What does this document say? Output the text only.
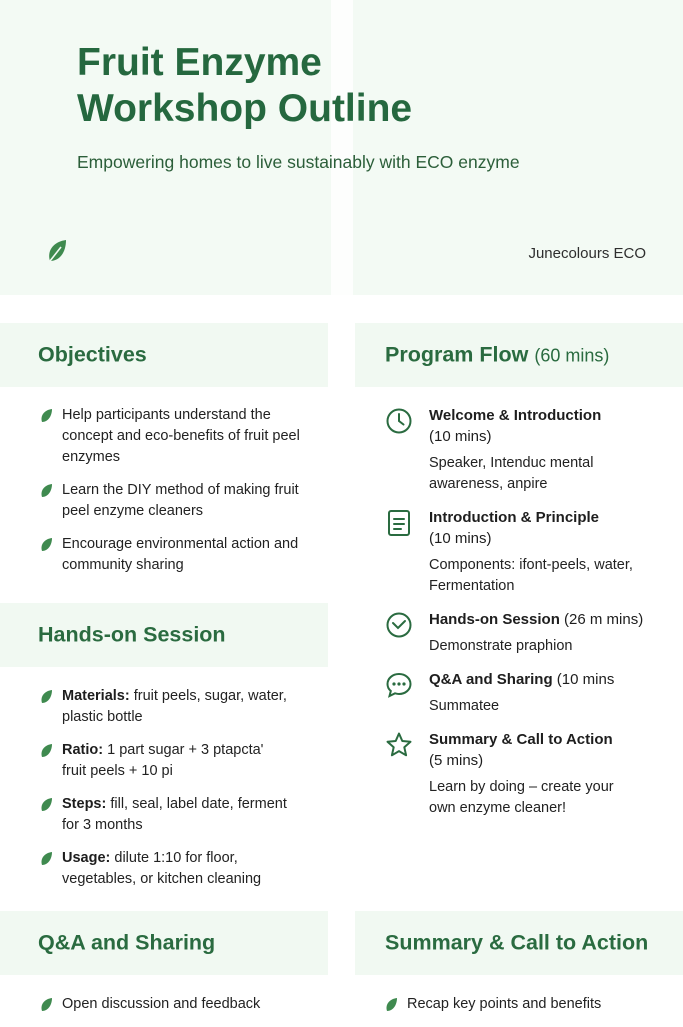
Fruit Enzyme
Workshop Outline
Empowering homes to live sustainably with ECO enzyme
Junecolours ECO
Objectives
Help participants understand the concept and eco-benefits of fruit peel enzymes
Learn the DIY method of making fruit peel enzyme cleaners
Encourage environmental action and community sharing
Hands-on Session
Materials: fruit peels, sugar, water, plastic bottle
Ratio: 1 part sugar + 3 ptapcta' fruit peels + 10 pi
Steps: fill, seal, label date, ferment for 3 months
Usage: dilute 1:10 for floor, vegetables, or kitchen cleaning
Program Flow (60 mins)
Welcome & Introduction
(10 mins)
Speaker, Intenduc mental awareness, anpire
Introduction & Principle
(10 mins)
Components: ifont-peels, water, Fermentation
Hands-on Session (26 m mins)
Demonstrate praphion
Q&A and Sharing (10 mins
Summatee
Summary & Call to Action
(5 mins)
Learn by doing – create your own enzyme cleaner!
Q&A and Sharing
Open discussion and feedback
Summary & Call to Action
Recap key points and benefits
